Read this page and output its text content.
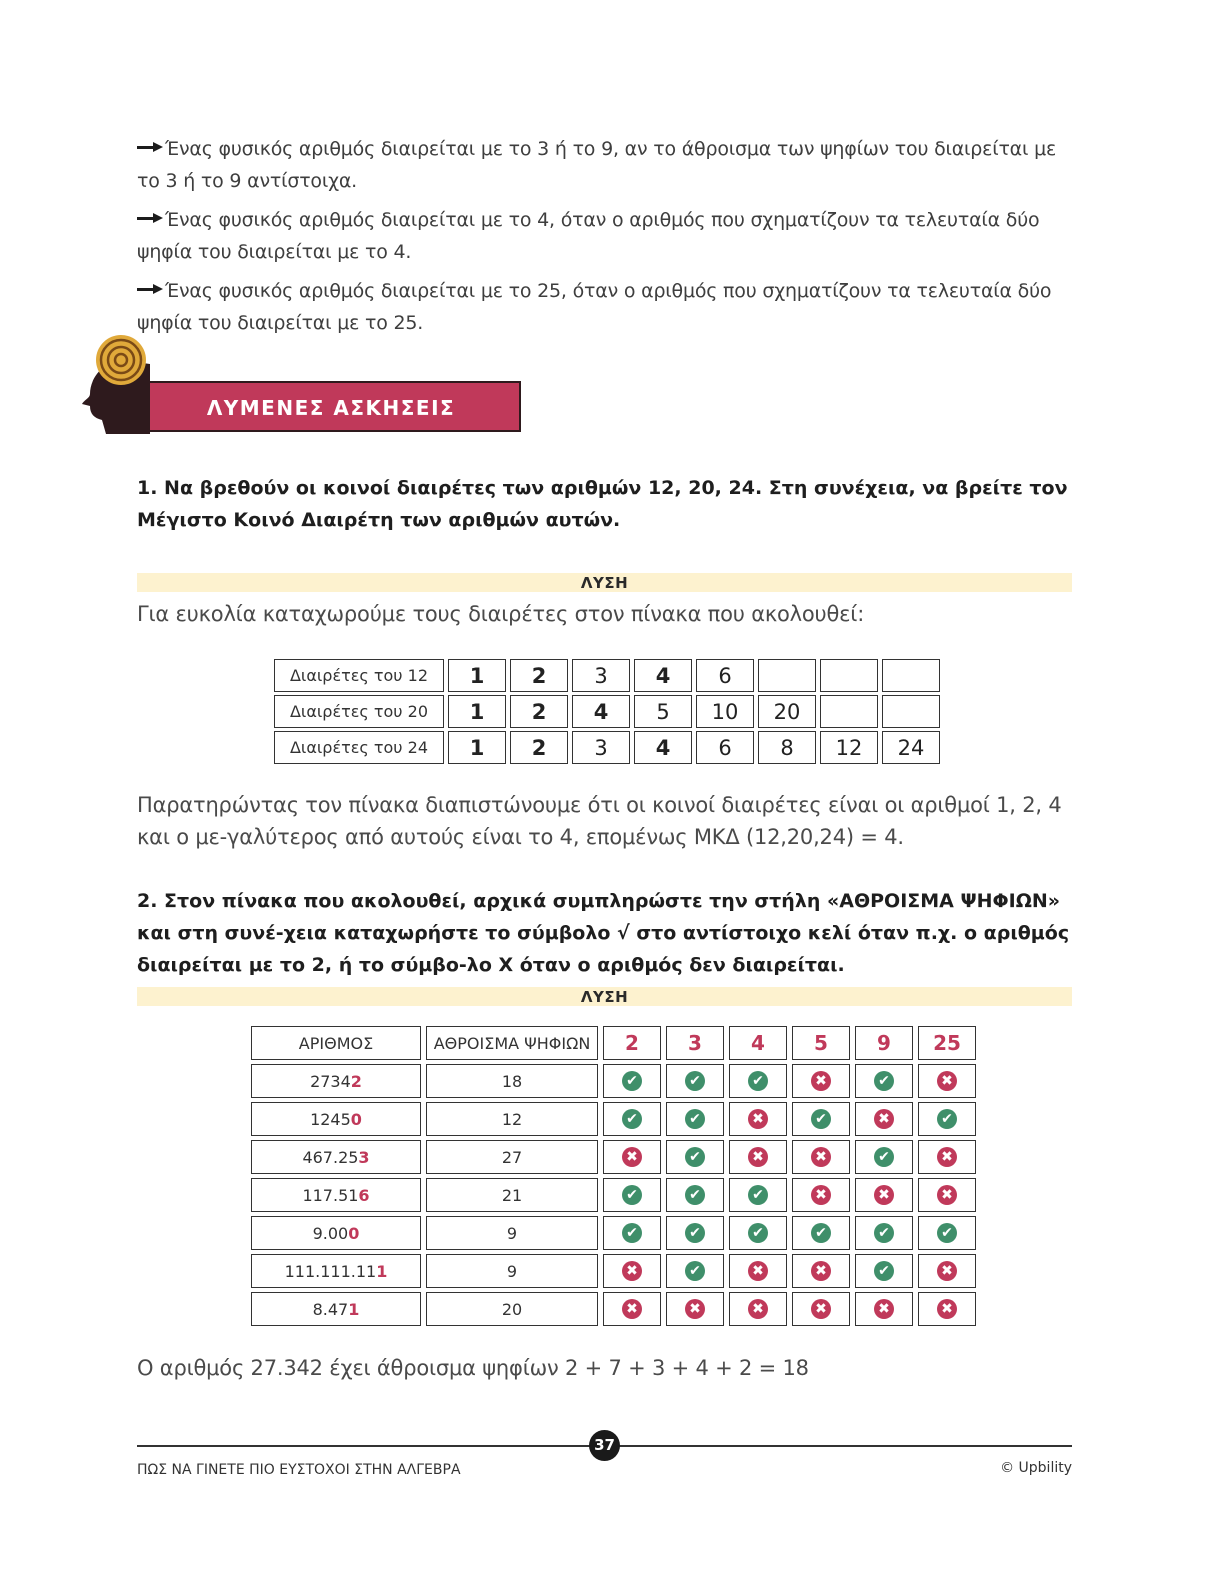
Ένας φυσικός αριθμός διαιρείται με το 3 ή το 9, αν το άθροισμα των ψηφίων του διαιρείται με το 3 ή το 9 αντίστοιχα.

Ένας φυσικός αριθμός διαιρείται με το 4, όταν ο αριθμός που σχηματίζουν τα τελευταία δύο ψηφία του διαιρείται με το 4.

Ένας φυσικός αριθμός διαιρείται με το 25, όταν ο αριθμός που σχηματίζουν τα τελευταία δύο ψηφία του διαιρείται με το 25.

ΛΥΜΕΝΕΣ ΑΣΚΗΣΕΙΣ
1. Να βρεθούν οι κοινοί διαιρέτες των αριθμών 12, 20, 24. Στη συνέχεια, να βρείτε τον Μέγιστο Κοινό Διαιρέτη των αριθμών αυτών.
ΛΥΣΗ
Για ευκολία καταχωρούμε τους διαιρέτες στον πίνακα που ακολουθεί:
Διαιρέτες του 12	1	2	3	4	6			
Διαιρέτες του 20	1	2	4	5	10	20		
Διαιρέτες του 24	1	2	3	4	6	8	12	24
Παρατηρώντας τον πίνακα διαπιστώνουμε ότι οι κοινοί διαιρέτες είναι οι αριθμοί 1, 2, 4 και ο με-γαλύτερος από αυτούς είναι το 4, επομένως ΜΚΔ (12,20,24) = 4.
2. Στον πίνακα που ακολουθεί, αρχικά συμπληρώστε την στήλη «ΑΘΡΟΙΣΜΑ ΨΗΦΙΩΝ» και στη συνέ-χεια καταχωρήστε το σύμβολο √ στο αντίστοιχο κελί όταν π.χ. ο αριθμός διαιρείται με το 2, ή το σύμβο-λο Χ όταν ο αριθμός δεν διαιρείται.
ΛΥΣΗ
ΑΡΙΘΜΟΣ	ΑΘΡΟΙΣΜΑ ΨΗΦΙΩΝ	2	3	4	5	9	25
27342	18	✔	✔	✔	✖	✔	✖
12450	12	✔	✔	✖	✔	✖	✔
467.253	27	✖	✔	✖	✖	✔	✖
117.516	21	✔	✔	✔	✖	✖	✖
9.000	9	✔	✔	✔	✔	✔	✔
111.111.111	9	✖	✔	✖	✖	✔	✖
8.471	20	✖	✖	✖	✖	✖	✖
Ο αριθμός 27.342 έχει άθροισμα ψηφίων 2 + 7 + 3 + 4 + 2 = 18
37
ΠΩΣ ΝΑ ΓΙΝΕΤΕ ΠΙΟ ΕΥΣΤΟΧΟΙ ΣΤΗΝ ΑΛΓΕΒΡΑ	© Upbility
